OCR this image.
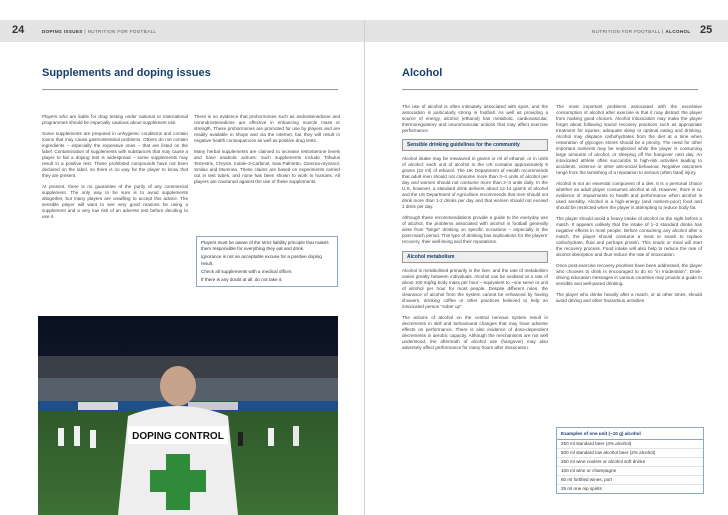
24	DOPING ISSUES | NUTRITION FOR FOOTBALL	NUTRITION FOR FOOTBALL | ALCOHOL 25
Supplements and doping issues

Players who are liable for drug testing under national or international programmes should be especially cautious about supplement use.

Some supplements are prepared in unhygienic conditions and contain toxins that may cause gastrointestinal problems. Others do not contain ingredients – especially the expensive ones – that are listed on the label. Contamination of supplements with substances that may cause a player to fail a doping test is widespread – some supplements may result in a positive test. These prohibited compounds have not been declared on the label, so there is no way for the player to know that they are present.

At present, there is no guarantee of the purity of any commercial supplement. The only way to be sure is to avoid supplements altogether, but many players are unwilling to accept this advice. The sensible player will want to see very good reasons for using a supplement and a very low risk of an adverse test before deciding to use it.

There is no evidence that prohormones such as androstenedione and norandrostenedione are effective in enhancing muscle mass or strength. These prohormones are promoted for use by players and are readily available in shops and via the internet, but they will result in negative health consequences as well as positive drug tests.

Many herbal supplements are claimed to increase testosterone levels and have anabolic actions: such supplements include Tribulus Terrestris, Chrysin, Indole-3-Carbinol, Saw Palmetto, Gamma-oryzanol, Smilax and Mumnea. These claims are based on experiments carried out in test tubes, and none has been shown to work in humans. All players are cautioned against the use of these supplements.

Players must be aware of the strict liability principle that makes them responsible for everything they eat and drink.

Ignorance is not an acceptable excuse for a positive doping result.

Check all supplements with a medical officer.

If there is any doubt at all, do not take it.

DOPING CONTROL
Alcohol

The use of alcohol is often intimately associated with sport, and the association is particularly strong in football. As well as providing a source of energy, alcohol (ethanol) has metabolic, cardiovascular, thermoregulatory and neuromuscular actions that may affect exercise performance.

Sensible drinking guidelines for the community

Alcohol intake may be measured in grams or ml of ethanol, or in units of alcohol: each unit of alcohol in the UK contains approximately 8 grams (10 ml) of ethanol. The UK Department of Health recommends that adult men should not consume more than 3–4 units of alcohol per day and women should not consume more than 2–3 units daily. In the U.S. however, a standard drink delivers about 12-14 grams of alcohol and the US Department of Agriculture recommends that men should not drink more than 1-2 drinks per day and that women should not exceed 1 drink per day.

Although these recommendations provide a guide to the everyday use of alcohol, the problems associated with alcohol in football generally arise from "binge" drinking on specific occasions – especially in the post-match period. This type of drinking has implications for the players' recovery, their well-being and their reputations.

Alcohol metabolism

Alcohol is metabolised primarily in the liver, and the rate of metabolism varies greatly between individuals. Alcohol can be oxidised at a rate of about 100 mg/kg body mass per hour – equivalent to ~one serve or unit of alcohol per hour for most people. Despite different rules, the clearance of alcohol from the system cannot be enhanced by having showers, drinking coffee or other practices believed to help an intoxicated person "sober up".

The actions of alcohol on the central nervous system result in decrements in skill and behavioural changes that may have adverse effects on performance. There is also evidence of dose-dependent decrements in aerobic capacity. Although the mechanisms are not well understood, the aftermath of alcohol use (hangover) may also adversely affect performance for many hours after intoxication.

The most important problems associated with the excessive consumption of alcohol after exercise is that it may distract the player from making good choices. Alcohol intoxication may make the player forget about following sound recovery practices such as appropriate treatment for injuries, adequate sleep or optimal eating and drinking. Alcohol may displace carbohydrates from the diet at a time when restoration of glycogen stores should be a priority. The need for other important nutrients may be neglected while the player is consuming large amounts of alcohol, or sleeping off the hangover next day. An intoxicated athlete often succumbs to high-risk activities leading to accidents, violence or other anti-social behaviour. Negative outcomes range from the tarnishing of a reputation to serious (often fatal) injury.

Alcohol is not an essential component of a diet. It is a personal choice whether an adult player consumes alcohol at all. However, there is no evidence of impairments to health and performance when alcohol is used sensibly. Alcohol is a high-energy (and nutrient-poor) food and should be restricted when the player is attempting to reduce body fat.

The player should avoid a heavy intake of alcohol on the night before a match. It appears unlikely that the intake of 1–2 standard drinks has negative effects in most people. Before consuming any alcohol after a match, the player should consume a meal or snack to replace carbohydrate, fluid and perhaps protein. This snack or meal will start the recovery process. Food intake will also help to reduce the rate of alcohol absorption and thus reduce the rate of intoxication.

Once post-exercise recovery priorities have been addressed, the player who chooses to drink is encouraged to do so "in moderation". Drink-driving education messages in various countries may provide a guide to sensible and well-paced drinking.

The player who drinks heavily after a match, or at other times, should avoid driving and other hazardous activities.

Examples of one unit (~10 g) alcohol
250 ml standard beer (4% alcohol)
500 ml standard low alcohol beer (2% alcohol)
250 ml wine coolers or alcohol soft drinks
100 ml wine or champagne
60 ml fortified wines, port
25 ml one nip spirits
